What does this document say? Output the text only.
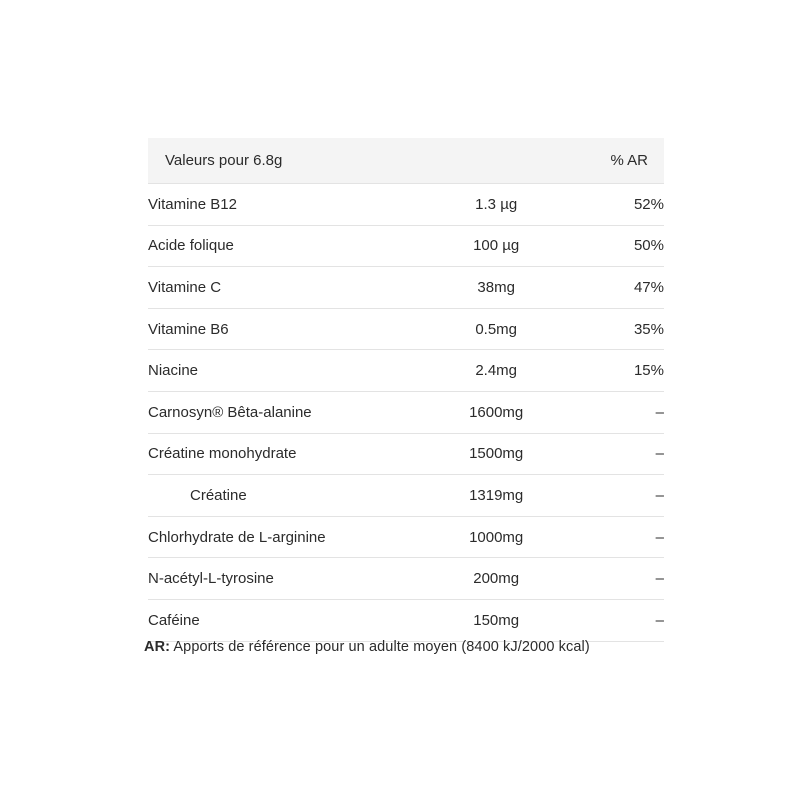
Valeurs pour 6.8g		% AR
Vitamine B12	1.3 µg	52%
Acide folique	100 µg	50%
Vitamine C	38mg	47%
Vitamine B6	0.5mg	35%
Niacine	2.4mg	15%
Carnosyn® Bêta-alanine	1600mg	–
Créatine monohydrate	1500mg	–
Créatine	1319mg	–
Chlorhydrate de L-arginine	1000mg	–
N-acétyl-L-tyrosine	200mg	–
Caféine	150mg	–
AR: Apports de référence pour un adulte moyen (8400 kJ/2000 kcal)
